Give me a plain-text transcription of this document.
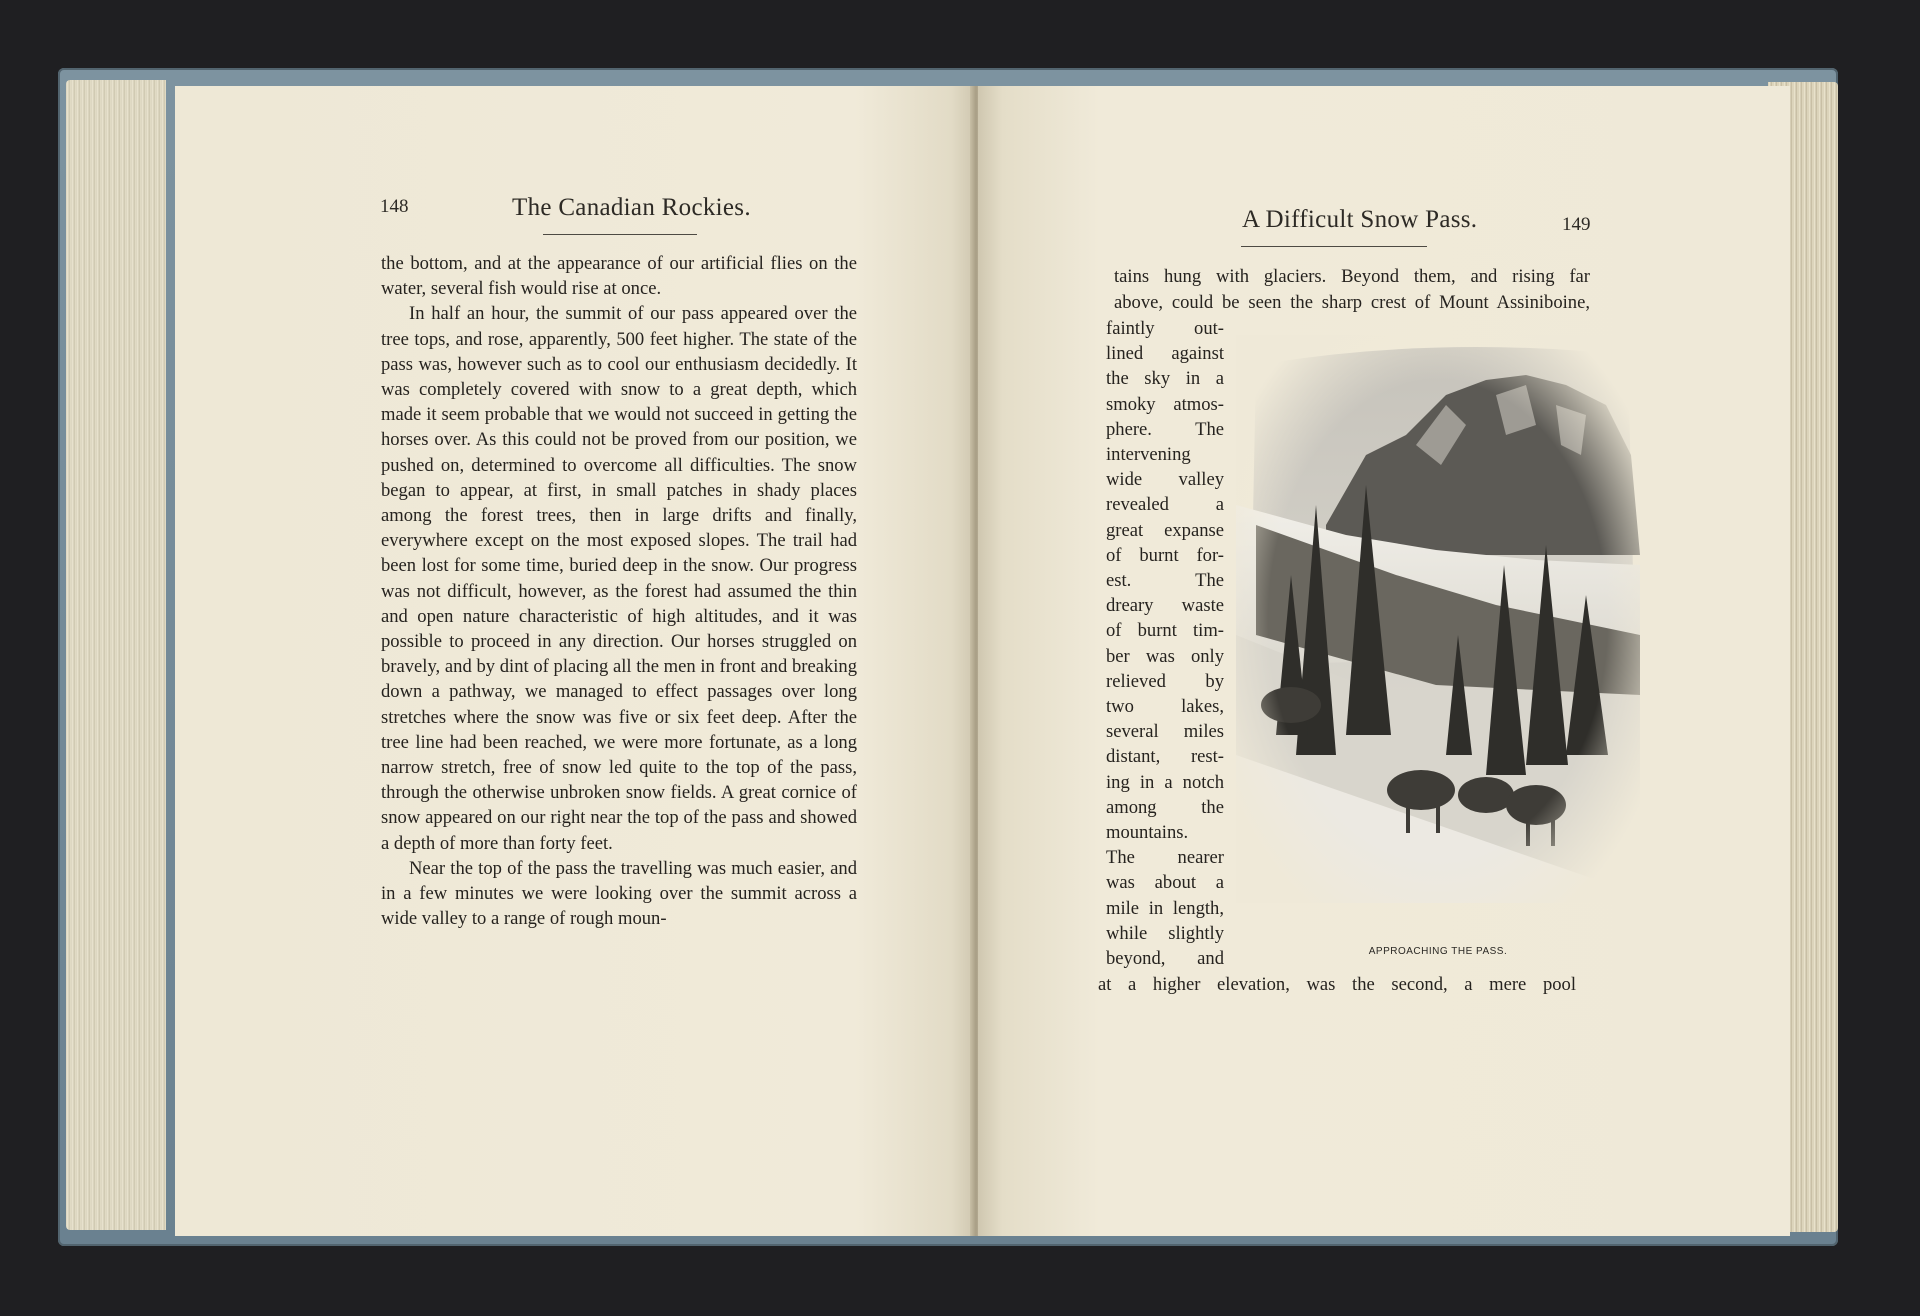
148	The Canadian Rockies.

the bottom, and at the appearance of our artificial flies on the water, several fish would rise at once.

In half an hour, the summit of our pass appeared over the tree tops, and rose, apparently, 500 feet higher. The state of the pass was, however such as to cool our enthusiasm decidedly. It was completely covered with snow to a great depth, which made it seem probable that we would not succeed in getting the horses over. As this could not be proved from our position, we pushed on, determined to overcome all difficulties. The snow began to appear, at first, in small patches in shady places among the forest trees, then in large drifts and finally, everywhere except on the most exposed slopes. The trail had been lost for some time, buried deep in the snow. Our progress was not difficult, however, as the forest had assumed the thin and open nature characteristic of high altitudes, and it was possible to proceed in any direction. Our horses struggled on bravely, and by dint of placing all the men in front and breaking down a pathway, we managed to effect passages over long stretches where the snow was five or six feet deep. After the tree line had been reached, we were more fortunate, as a long narrow stretch, free of snow led quite to the top of the pass, through the otherwise unbroken snow fields. A great cornice of snow appeared on our right near the top of the pass and showed a depth of more than forty feet.

Near the top of the pass the travelling was much easier, and in a few minutes we were looking over the summit across a wide valley to a range of rough moun-

A Difficult Snow Pass.	149
tains hung with glaciers. Beyond them, and rising far
above, could be seen the sharp crest of Mount Assiniboine,
faintly out-
lined against
the sky in a
smoky atmos-
phere. The
intervening
wide valley
revealed a
great expanse
of burnt for-
est. The
dreary waste
of burnt tim-
ber was only
relieved by
two lakes,
several miles
distant, rest-
ing in a notch
among the
mountains.
The nearer
was about a
mile in length,
while slightly
beyond, and	APPROACHING THE PASS.
at a higher elevation, was the second, a mere pool
